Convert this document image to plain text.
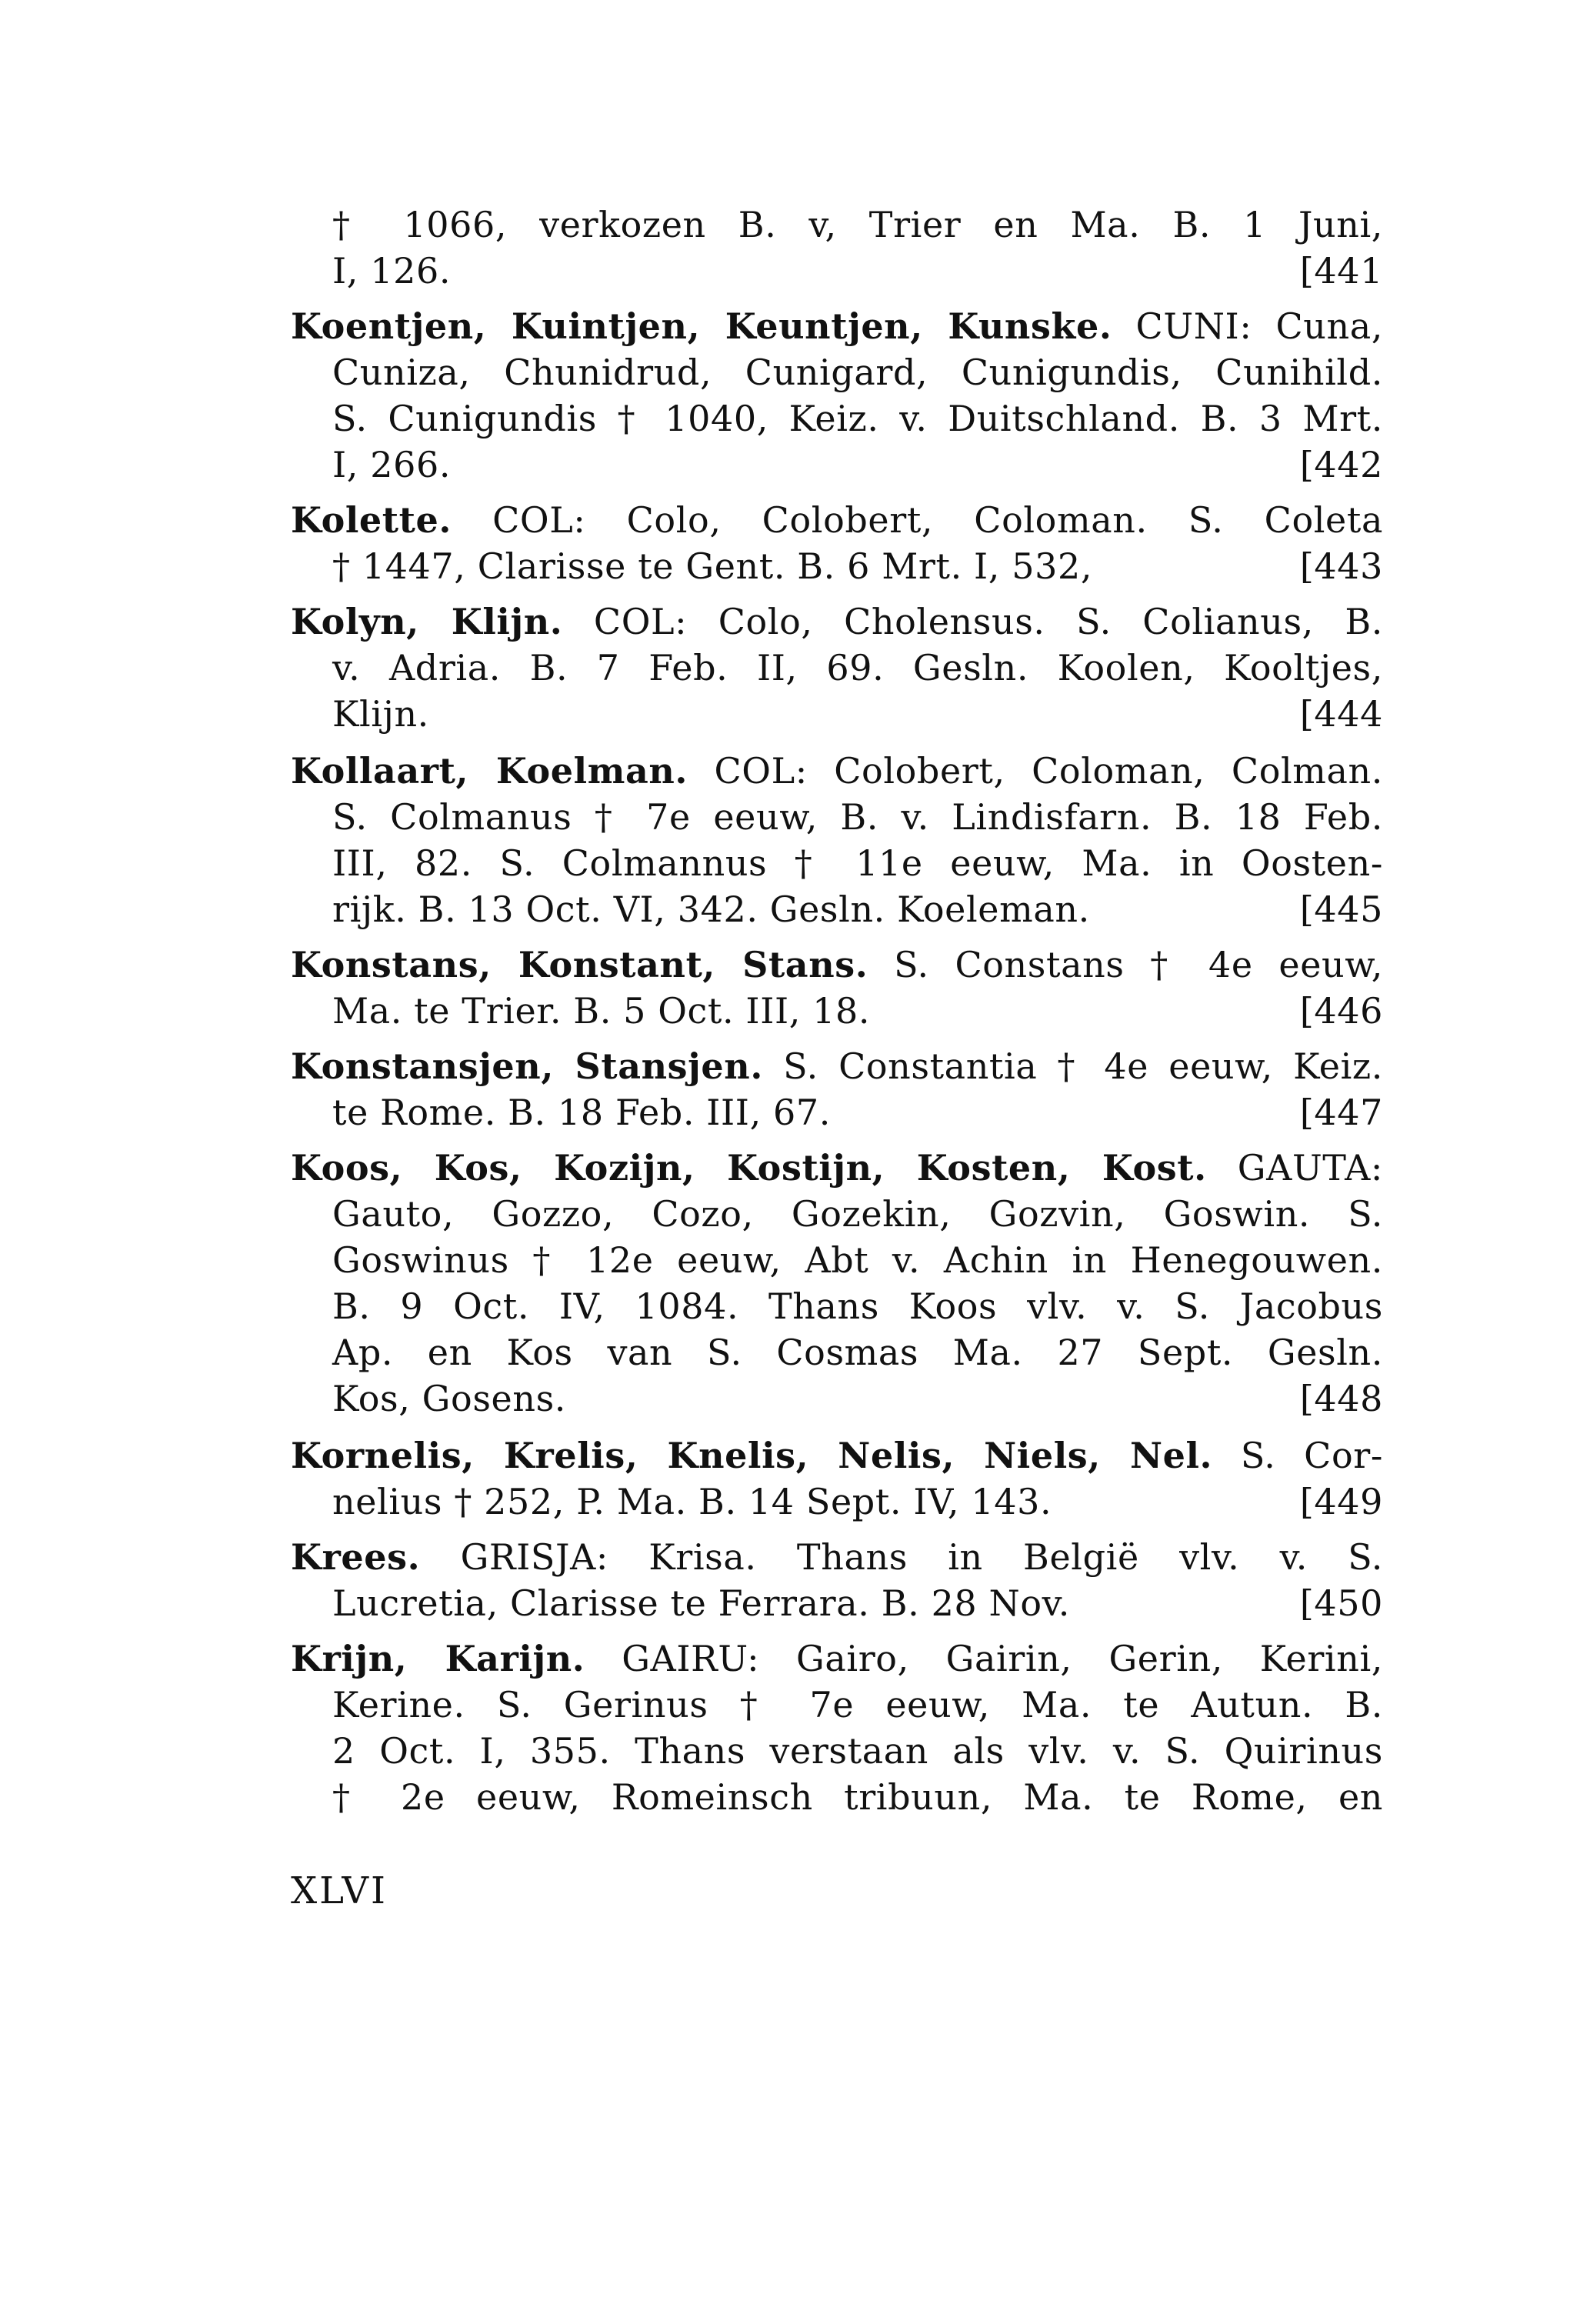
† 1066, verkozen B. v, Trier en Ma. B. 1 Juni,
I, 126.	[441
Koentjen, Kuintjen, Keuntjen, Kunske. CUNI: Cuna,
Cuniza, Chunidrud, Cunigard, Cunigundis, Cunihild.
S. Cunigundis † 1040, Keiz. v. Duitschland. B. 3 Mrt.
I, 266.	[442
Kolette. COL: Colo, Colobert, Coloman. S. Coleta
† 1447, Clarisse te Gent. B. 6 Mrt. I, 532,	[443
Kolyn, Klijn. COL: Colo, Cholensus. S. Colianus, B.
v. Adria. B. 7 Feb. II, 69. Gesln. Koolen, Kooltjes,
Klijn.	[444
Kollaart, Koelman. COL: Colobert, Coloman, Colman.
S. Colmanus † 7e eeuw, B. v. Lindisfarn. B. 18 Feb.
III, 82. S. Colmannus † 11e eeuw, Ma. in Oosten-
rijk. B. 13 Oct. VI, 342. Gesln. Koeleman.	[445
Konstans, Konstant, Stans. S. Constans † 4e eeuw,
Ma. te Trier. B. 5 Oct. III, 18.	[446
Konstansjen, Stansjen. S. Constantia † 4e eeuw, Keiz.
te Rome. B. 18 Feb. III, 67.	[447
Koos, Kos, Kozijn, Kostijn, Kosten, Kost. GAUTA:
Gauto, Gozzo, Cozo, Gozekin, Gozvin, Goswin. S.
Goswinus † 12e eeuw, Abt v. Achin in Henegouwen.
B. 9 Oct. IV, 1084. Thans Koos vlv. v. S. Jacobus
Ap. en Kos van S. Cosmas Ma. 27 Sept. Gesln.
Kos, Gosens.	[448
Kornelis, Krelis, Knelis, Nelis, Niels, Nel. S. Cor-
nelius † 252, P. Ma. B. 14 Sept. IV, 143.	[449
Krees. GRISJA: Krisa. Thans in België vlv. v. S.
Lucretia, Clarisse te Ferrara. B. 28 Nov.	[450
Krijn, Karijn. GAIRU: Gairo, Gairin, Gerin, Kerini,
Kerine. S. Gerinus † 7e eeuw, Ma. te Autun. B.
2 Oct. I, 355. Thans verstaan als vlv. v. S. Quirinus
† 2e eeuw, Romeinsch tribuun, Ma. te Rome, en
XLVI
